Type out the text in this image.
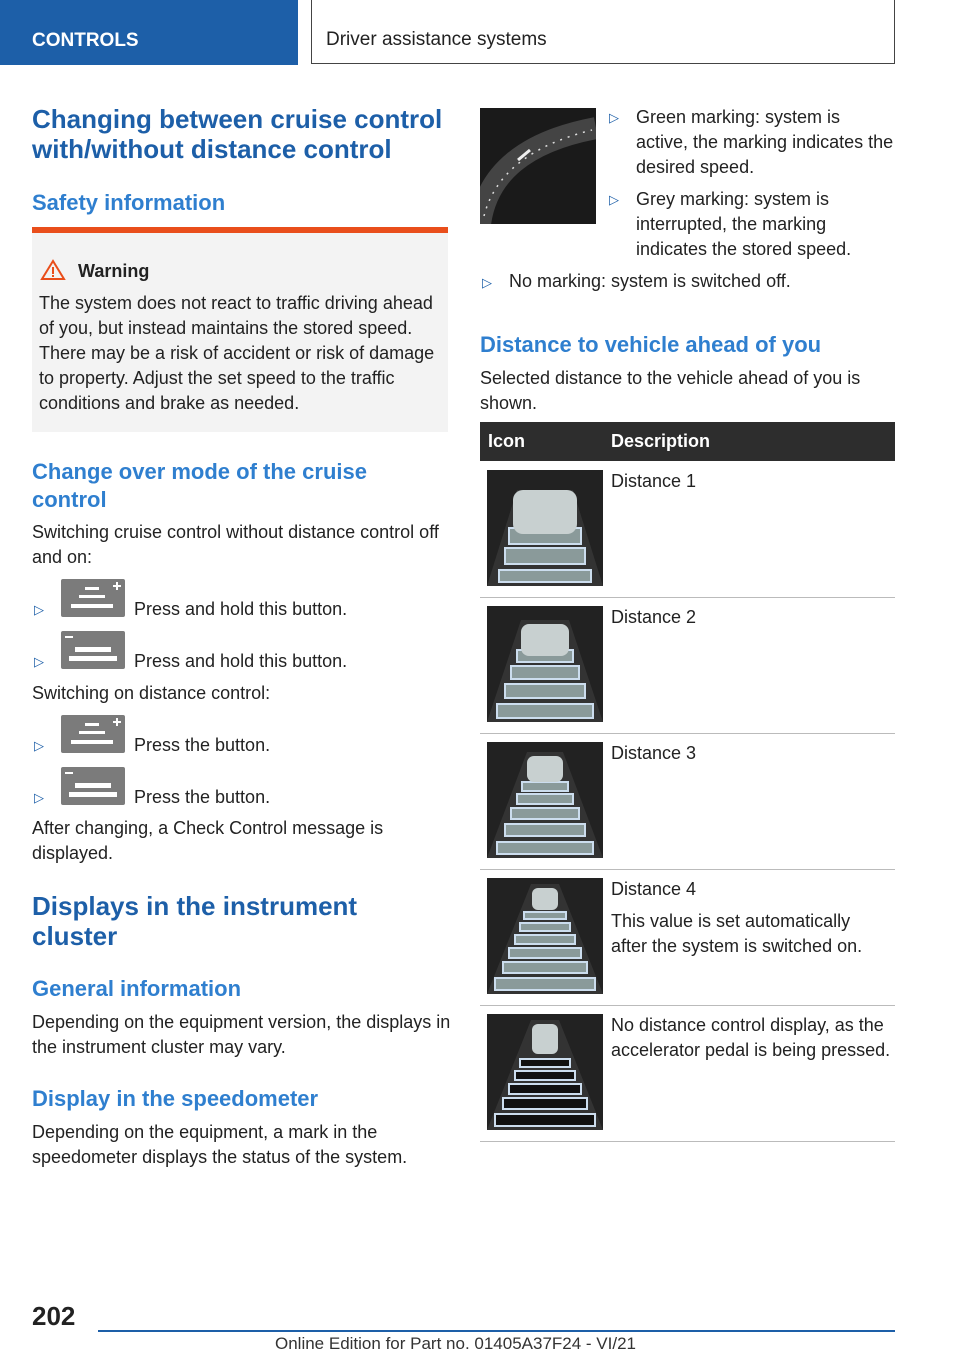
CONTROLS	Driver assistance systems
Changing between cruise control with/without distance control
Safety information
Warning
The system does not react to traffic driving ahead of you, but instead maintains the stored speed. There may be a risk of accident or risk of damage to property. Adjust the set speed to the traffic conditions and brake as needed.
Change over mode of the cruise control

Switching cruise control without distance control off and on:

▷	Press and hold this button.
▷	Press and hold this button.

Switching on distance control:

▷	Press the button.
▷	Press the button.

After changing, a Check Control message is displayed.

Displays in the instrument cluster
General information

Depending on the equipment version, the displays in the instrument cluster may vary.

Display in the speedometer

Depending on the equipment, a mark in the speedometer displays the status of the system.

▷ Green marking: system is active, the marking indicates the desired speed.

▷ Grey marking: system is interrupted, the marking indicates the stored speed.

▷ No marking: system is switched off.

Distance to vehicle ahead of you

Selected distance to the vehicle ahead of you is shown.

Icon	Description
Distance 1
Distance 2
Distance 3
Distance 4
This value is set automatically after the system is switched on.
No distance control display, as the accelerator pedal is being pressed.
202
Online Edition for Part no. 01405A37F24 - VI/21
